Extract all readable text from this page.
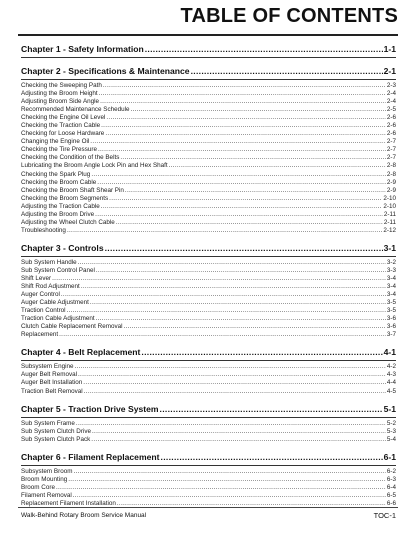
TABLE OF CONTENTS
Chapter 1 - Safety Information .....	1-1
Chapter 2 - Specifications & Maintenance .....	2-1
Checking the Sweeping Path .....	2-3
Adjusting the Broom Height .....	2-4
Adjusting Broom Side Angle .....	2-4
Recommended Maintenance Schedule .....	2-5
Checking the Engine Oil Level .....	2-6
Checking the Traction Cable .....	2-6
Checking for Loose Hardware .....	2-6
Changing the Engine Oil .....	2-7
Checking the Tire Pressure .....	2-7
Checking the Condition of the Belts .....	2-7
Lubricating the Broom Angle Lock Pin and Hex Shaft .....	2-8
Checking the Spark Plug .....	2-8
Checking the Broom Cable .....	2-9
Checking the Broom Shaft Shear Pin .....	2-9
Checking the Broom Segments .....	2-10
Adjusting the Traction Cable .....	2-10
Adjusting the Broom Drive .....	2-11
Adjusting the Wheel Clutch Cable .....	2-11
Troubleshooting .....	2-12
Chapter 3 - Controls .....	3-1
Sub System Handle .....	3-2
Sub System Control Panel .....	3-3
Shift Lever .....	3-4
Shift Rod Adjustment .....	3-4
Auger Control .....	3-4
Auger Cable Adjustment .....	3-5
Traction Control .....	3-5
Traction Cable Adjustment .....	3-6
Clutch Cable Replacement Removal .....	3-6
Replacement .....	3-7
Chapter 4 - Belt Replacement .....	4-1
Subsystem Engine .....	4-2
Auger Belt Removal .....	4-3
Auger Belt Installation .....	4-4
Traction Belt Removal .....	4-5
Chapter 5 - Traction Drive System .....	5-1
Sub System Frame .....	5-2
Sub System Clutch Drive .....	5-3
Sub System Clutch Pack .....	5-4
Chapter 6 - Filament Replacement .....	6-1
Subsystem Broom .....	6-2
Broom Mounting .....	6-3
Broom Core .....	6-4
Filament Removal .....	6-5
Replacement Filament Installation .....	6-6
Walk-Behind Rotary Broom Service Manual	TOC-1
